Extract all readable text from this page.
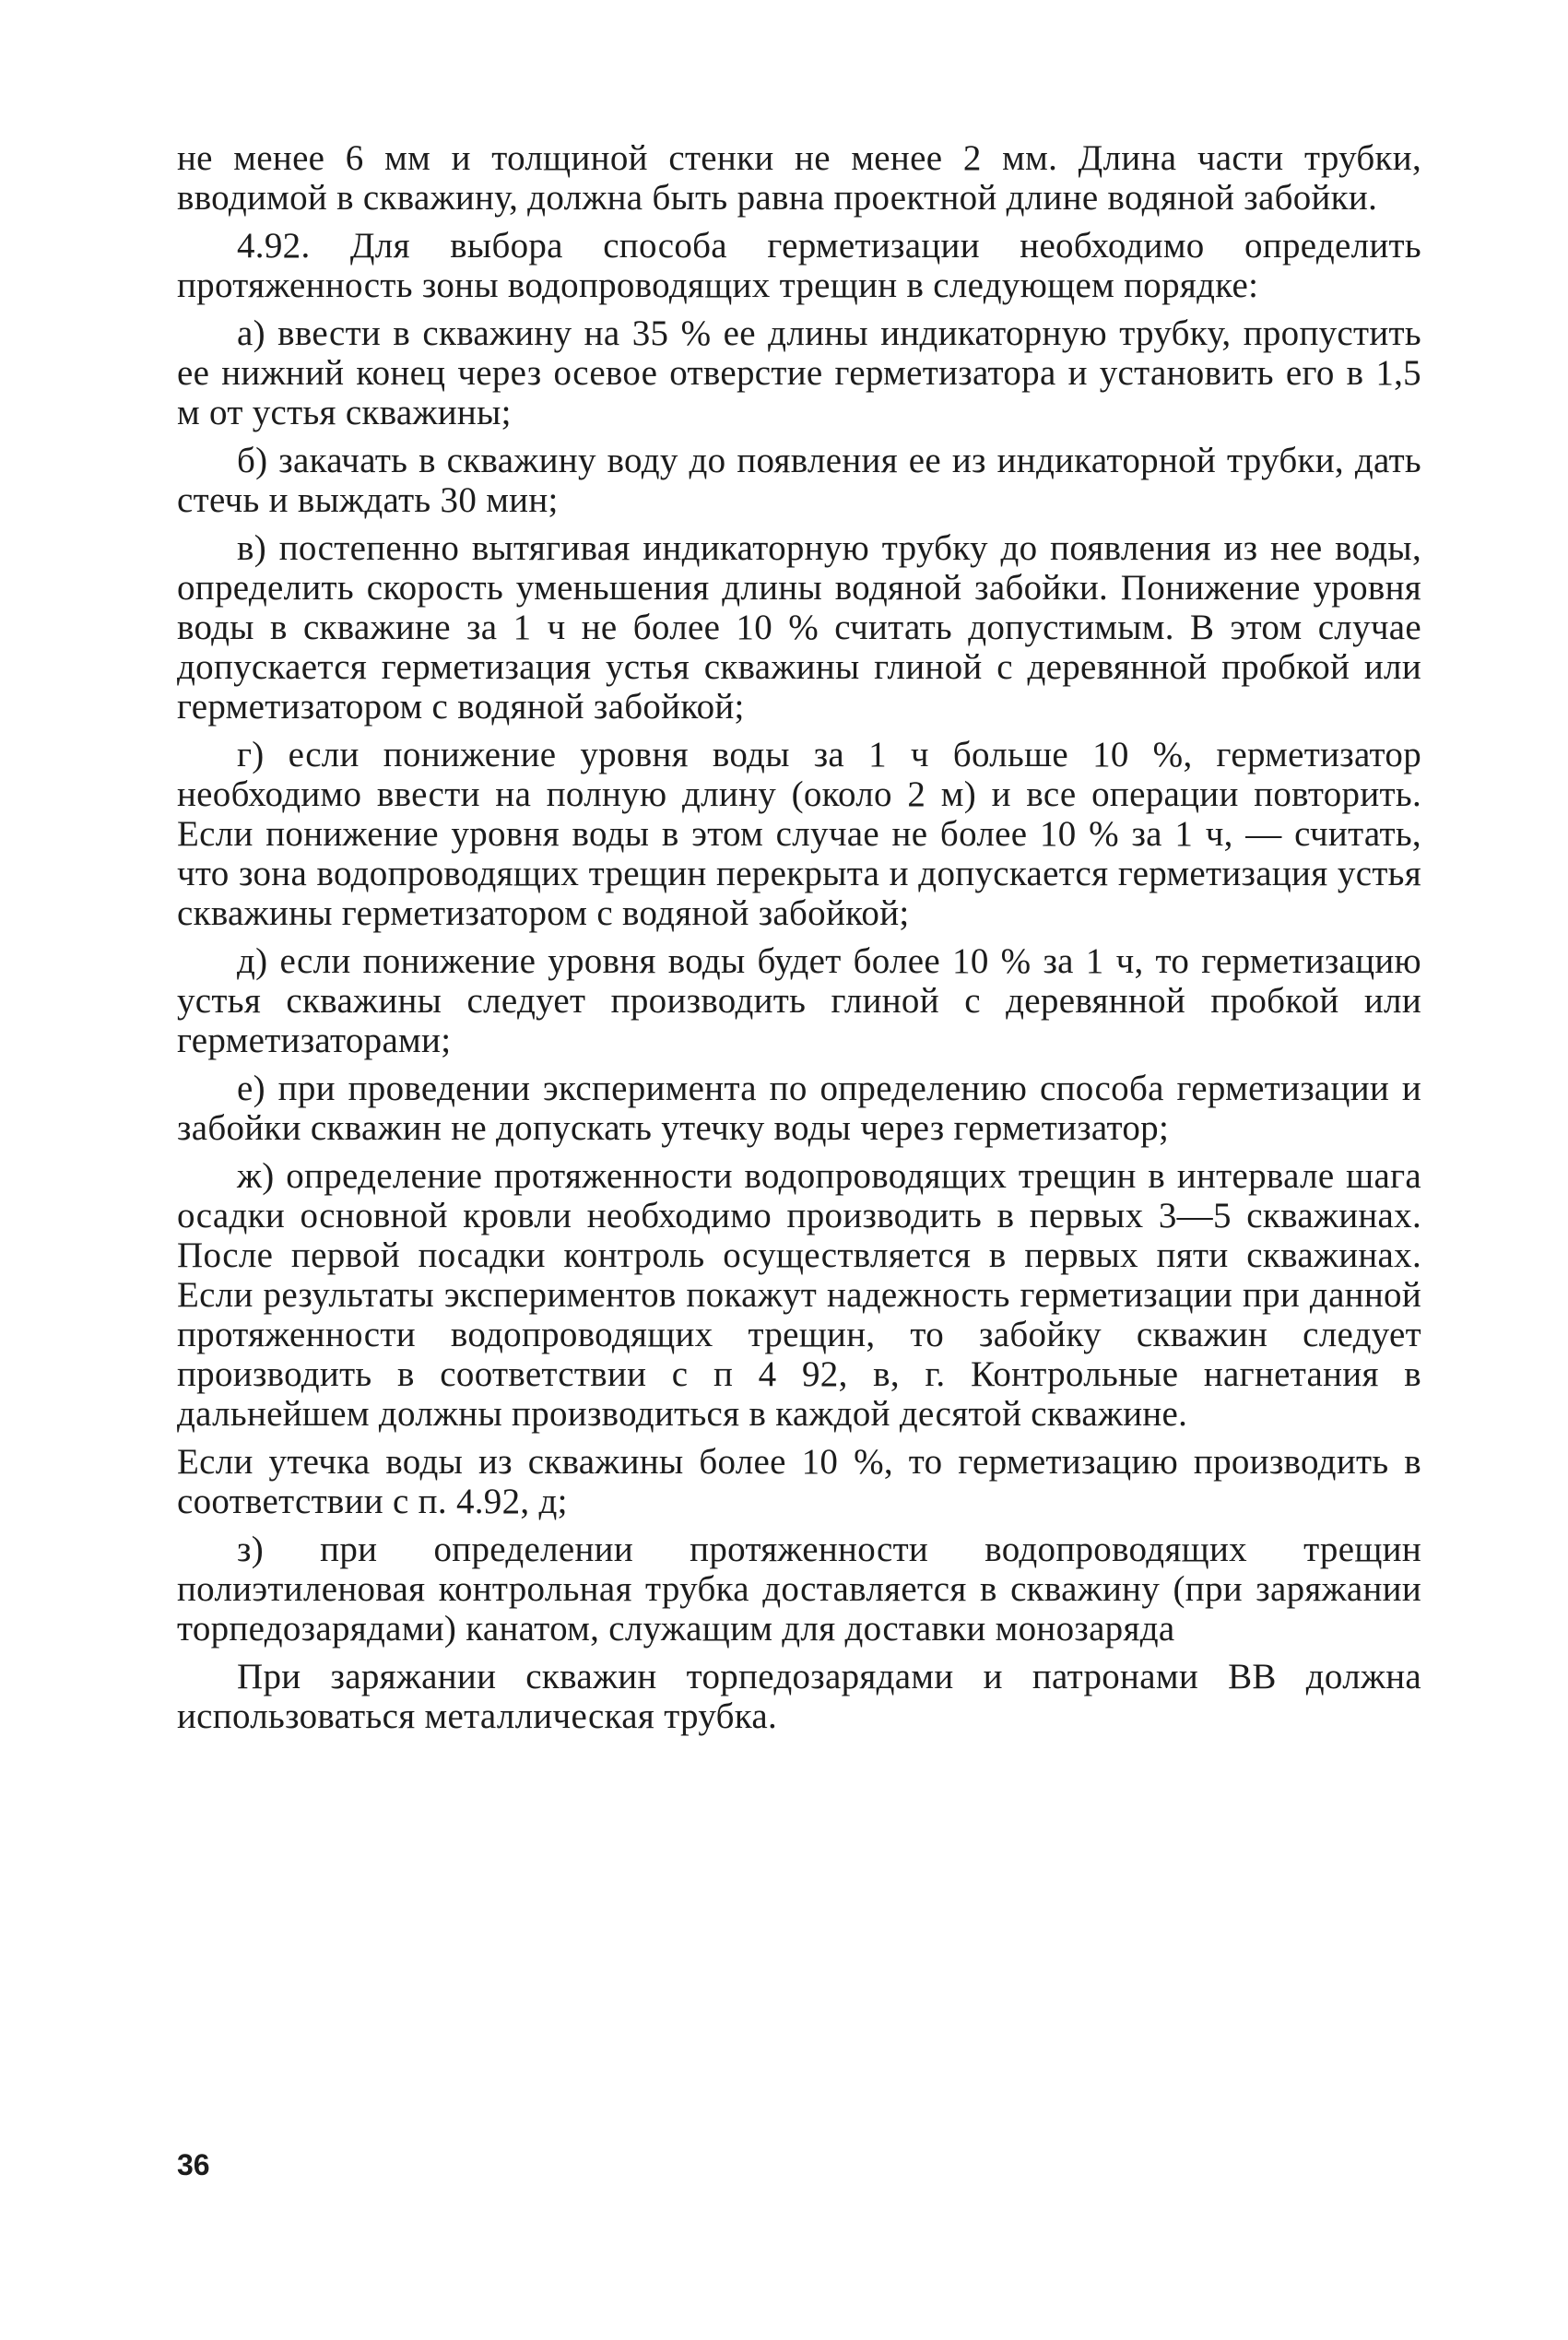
не менее 6 мм и толщиной стенки не менее 2 мм. Длина части трубки, вводимой в скважину, должна быть равна проектной длине водяной забойки.

4.92. Для выбора способа герметизации необходимо определить протяженность зоны водопроводящих трещин в следующем порядке:

а) ввести в скважину на 35 % ее длины индикаторную трубку, пропустить ее нижний конец через осевое отверстие герметизатора и установить его в 1,5 м от устья скважины;

б) закачать в скважину воду до появления ее из индикаторной трубки, дать стечь и выждать 30 мин;

в) постепенно вытягивая индикаторную трубку до появления из нее воды, определить скорость уменьшения длины водяной забойки. Понижение уровня воды в скважине за 1 ч не более 10 % считать допустимым. В этом случае допускается герметизация устья скважины глиной с деревянной пробкой или герметизатором с водяной забойкой;

г) если понижение уровня воды за 1 ч больше 10 %, герметизатор необходимо ввести на полную длину (около 2 м) и все операции повторить. Если понижение уровня воды в этом случае не более 10 % за 1 ч, — считать, что зона водопроводящих трещин перекрыта и допускается герметизация устья скважины герметизатором с водяной забойкой;

д) если понижение уровня воды будет более 10 % за 1 ч, то герметизацию устья скважины следует производить глиной с деревянной пробкой или герметизаторами;

е) при проведении эксперимента по определению способа герметизации и забойки скважин не допускать утечку воды через герметизатор;

ж) определение протяженности водопроводящих трещин в интервале шага осадки основной кровли необходимо производить в первых 3—5 скважинах. После первой посадки контроль осуществляется в первых пяти скважинах. Если результаты экспериментов покажут надежность герметизации при данной протяженности водопроводящих трещин, то забойку скважин следует производить в соответствии с п 4 92, в, г. Контрольные нагнетания в дальнейшем должны производиться в каждой десятой скважине.

Если утечка воды из скважины более 10 %, то герметизацию производить в соответствии с п. 4.92, д;

з) при определении протяженности водопроводящих трещин полиэтиленовая контрольная трубка доставляется в скважину (при заряжании торпедозарядами) канатом, служащим для доставки монозаряда

При заряжании скважин торпедозарядами и патронами ВВ должна использоваться металлическая трубка.

36
